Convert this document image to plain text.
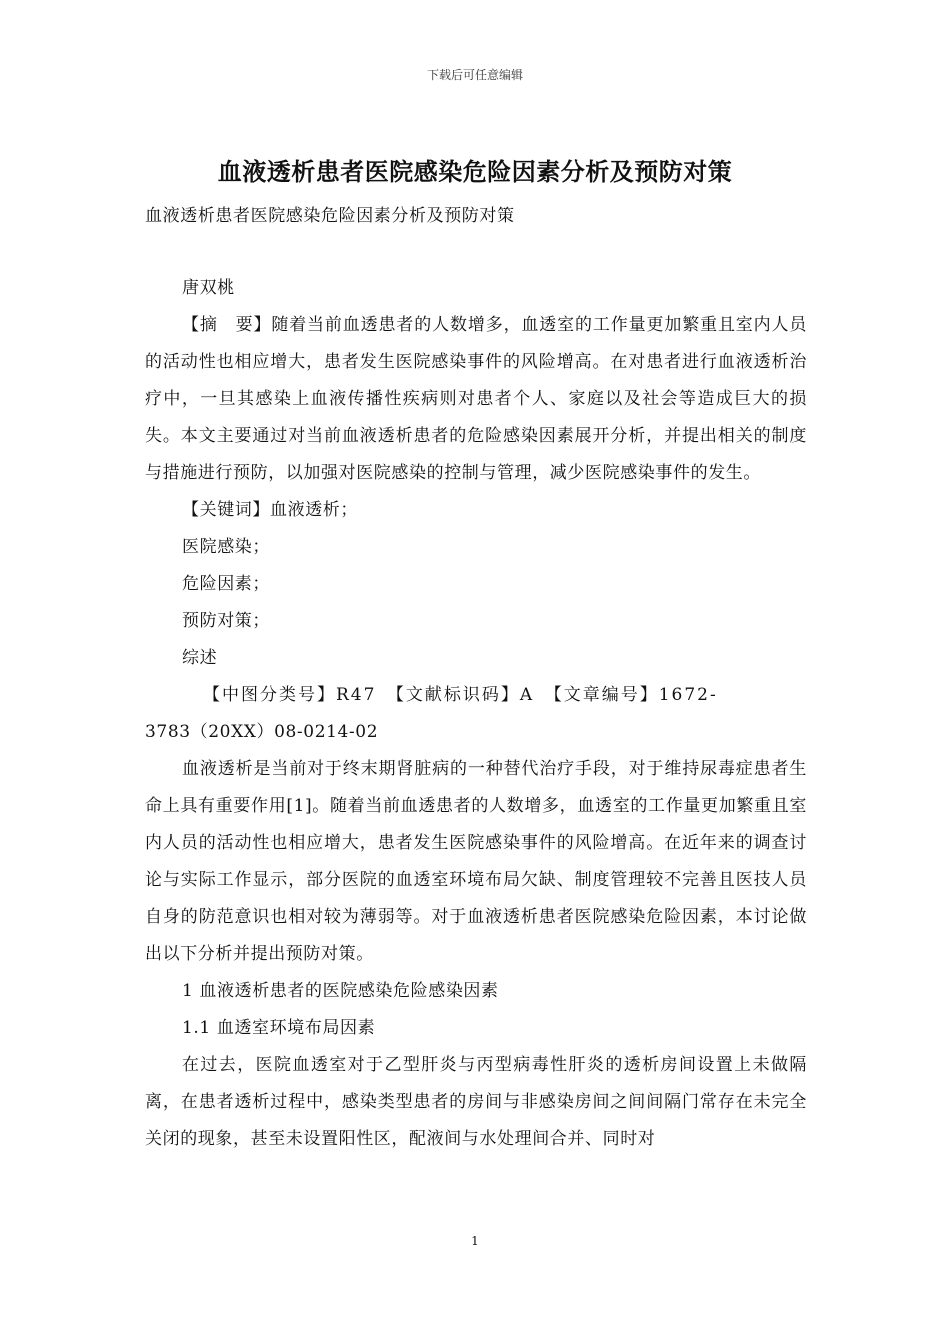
下载后可任意编辑
血液透析患者医院感染危险因素分析及预防对策
血液透析患者医院感染危险因素分析及预防对策

唐双桃

【摘　要】随着当前血透患者的人数增多，血透室的工作量更加繁重且室内人员的活动性也相应增大，患者发生医院感染事件的风险增高。在对患者进行血液透析治疗中，一旦其感染上血液传播性疾病则对患者个人、家庭以及社会等造成巨大的损失。本文主要通过对当前血液透析患者的危险感染因素展开分析，并提出相关的制度与措施进行预防，以加强对医院感染的控制与管理，减少医院感染事件的发生。

【关键词】血液透析；

医院感染；

危险因素；

预防对策；

综述

【中图分类号】R47　【文献标识码】A　【文章编号】1672-

3783（20XX）08-0214-02

血液透析是当前对于终末期肾脏病的一种替代治疗手段，对于维持尿毒症患者生命上具有重要作用[1]。随着当前血透患者的人数增多，血透室的工作量更加繁重且室内人员的活动性也相应增大，患者发生医院感染事件的风险增高。在近年来的调查讨论与实际工作显示，部分医院的血透室环境布局欠缺、制度管理较不完善且医技人员自身的防范意识也相对较为薄弱等。对于血液透析患者医院感染危险因素，本讨论做出以下分析并提出预防对策。

1 血液透析患者的医院感染危险感染因素

1.1 血透室环境布局因素

在过去，医院血透室对于乙型肝炎与丙型病毒性肝炎的透析房间设置上未做隔离，在患者透析过程中，感染类型患者的房间与非感染房间之间间隔门常存在未完全关闭的现象，甚至未设置阳性区，配液间与水处理间合并、同时对

1
